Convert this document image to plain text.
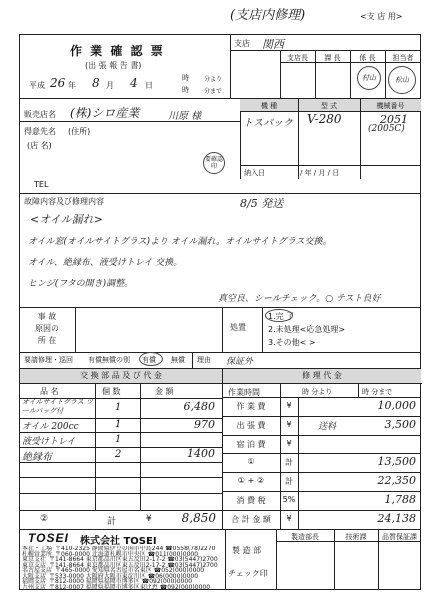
(支店内修理)	<支 店 用>
作 業 確 認 票
(出 張 報 告 書)
平成 26 年 8 月 4 日
時	分より
時	分まで
支店 関西
支店長	課 長	係 長	担当者
村山	松山
販売店名 (株)シロ産業	川原 様
得意先名 (住所)
(店 名)
要確認印
TEL
機 種	型 式	機械番号
トスパック V-280	2051
(2005C)
納入日	/ 年 / 月 / 日
故障内容及び修理内容	8/5 発送
<オイル漏れ>
オイル窓(オイルサイトグラス)より オイル漏れ。オイルサイトグラス交換。
オイル、絶縁布、液受けトレイ 交換。
ヒンジ(フタの開き)調整。
真空良、シールチェック。○ テスト良好
事 故
原因の
所 在
処置
1.完 了
2.未処理<応急処理>
3.その他< >
要請修理・巡回 有償無償の別 有償 無償 理由 保証外
交 換 部 品 及 び 代 金
品 名	個 数	金 額
オイルサイトグラス ツールバッグ付	1	6,480
オイル 200cc	1	970
液受けトレイ	1
絶縁布	2	1400
②	計	¥	8,850
修 理 代 金
作業時間	時 分より	時 分まで
作 業 費	¥	10,000
出 張 費	¥	送料	3,500
宿 泊 費	¥
①	計	13,500
① + ②	計	22,350
消 費 税	5%	1,788
合 計 金 額	¥	24,138
TOSEI 株式会社 TOSEI
本社・工場 〒410-2325 静岡県伊豆の国市中島244 ☎0558(78)2270
札幌営業所 〒060-0000 北海道札幌市中央区 ☎011(000)0000
東京支社 〒141-8664 東京都品川区東五反田2-17-2 ☎03(5447)2700
東京支店 〒141-8664 東京都品川区東五反田2-17-2 ☎03(5447)2700
名古屋支店 〒465-0000 愛知県名古屋市名東区 ☎052(000)0000
大阪支店 〒533-0000 大阪府大阪市東淀川区 ☎06(0000)0000
福岡支店 〒812-0000 福岡県福岡市博多区 ☎092(000)0000
九州支店 〒812-0007 福岡県福岡市博多区東比恵 ☎092(000)0000
製造部長	技術課	品質保証課
製 造 部
チェック印
